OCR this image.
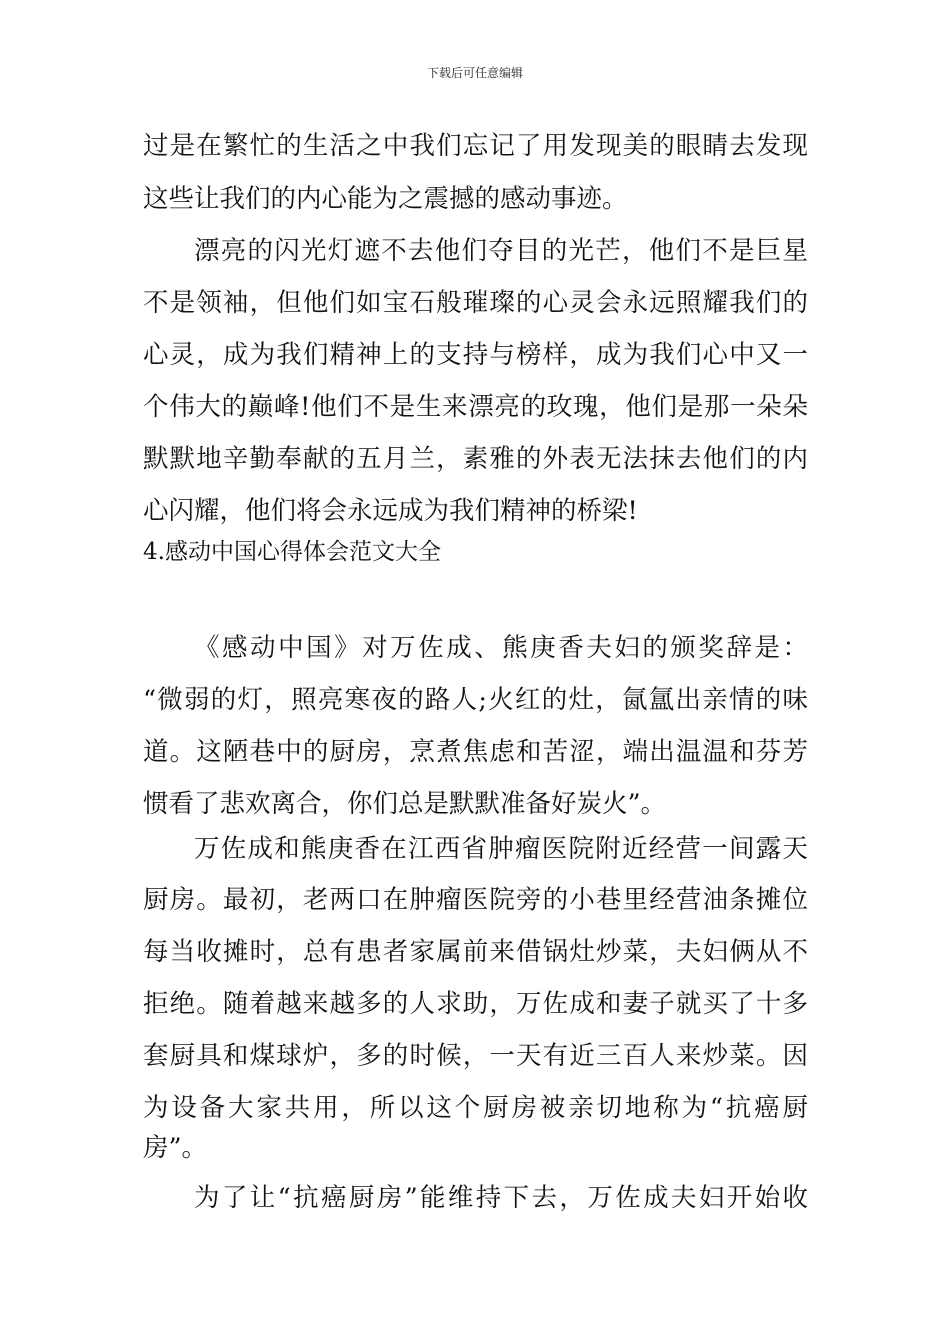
下载后可任意编辑
过是在繁忙的生活之中我们忘记了用发现美的眼睛去发现
这些让我们的内心能为之震撼的感动事迹。
漂亮的闪光灯遮不去他们夺目的光芒，他们不是巨星
不是领袖，但他们如宝石般璀璨的心灵会永远照耀我们的
心灵，成为我们精神上的支持与榜样，成为我们心中又一
个伟大的巅峰!他们不是生来漂亮的玫瑰，他们是那一朵朵
默默地辛勤奉献的五月兰，素雅的外表无法抹去他们的内
心闪耀，他们将会永远成为我们精神的桥梁!
4.感动中国心得体会范文大全
《感动中国》对万佐成、熊庚香夫妇的颁奖辞是：
“微弱的灯，照亮寒夜的路人;火红的灶，氤氲出亲情的味
道。这陋巷中的厨房，烹煮焦虑和苦涩，端出温温和芬芳
惯看了悲欢离合，你们总是默默准备好炭火”。
万佐成和熊庚香在江西省肿瘤医院附近经营一间露天
厨房。最初，老两口在肿瘤医院旁的小巷里经营油条摊位
每当收摊时，总有患者家属前来借锅灶炒菜，夫妇俩从不
拒绝。随着越来越多的人求助，万佐成和妻子就买了十多
套厨具和煤球炉，多的时候，一天有近三百人来炒菜。因
为设备大家共用，所以这个厨房被亲切地称为“抗癌厨
房”。
为了让“抗癌厨房”能维持下去，万佐成夫妇开始收
